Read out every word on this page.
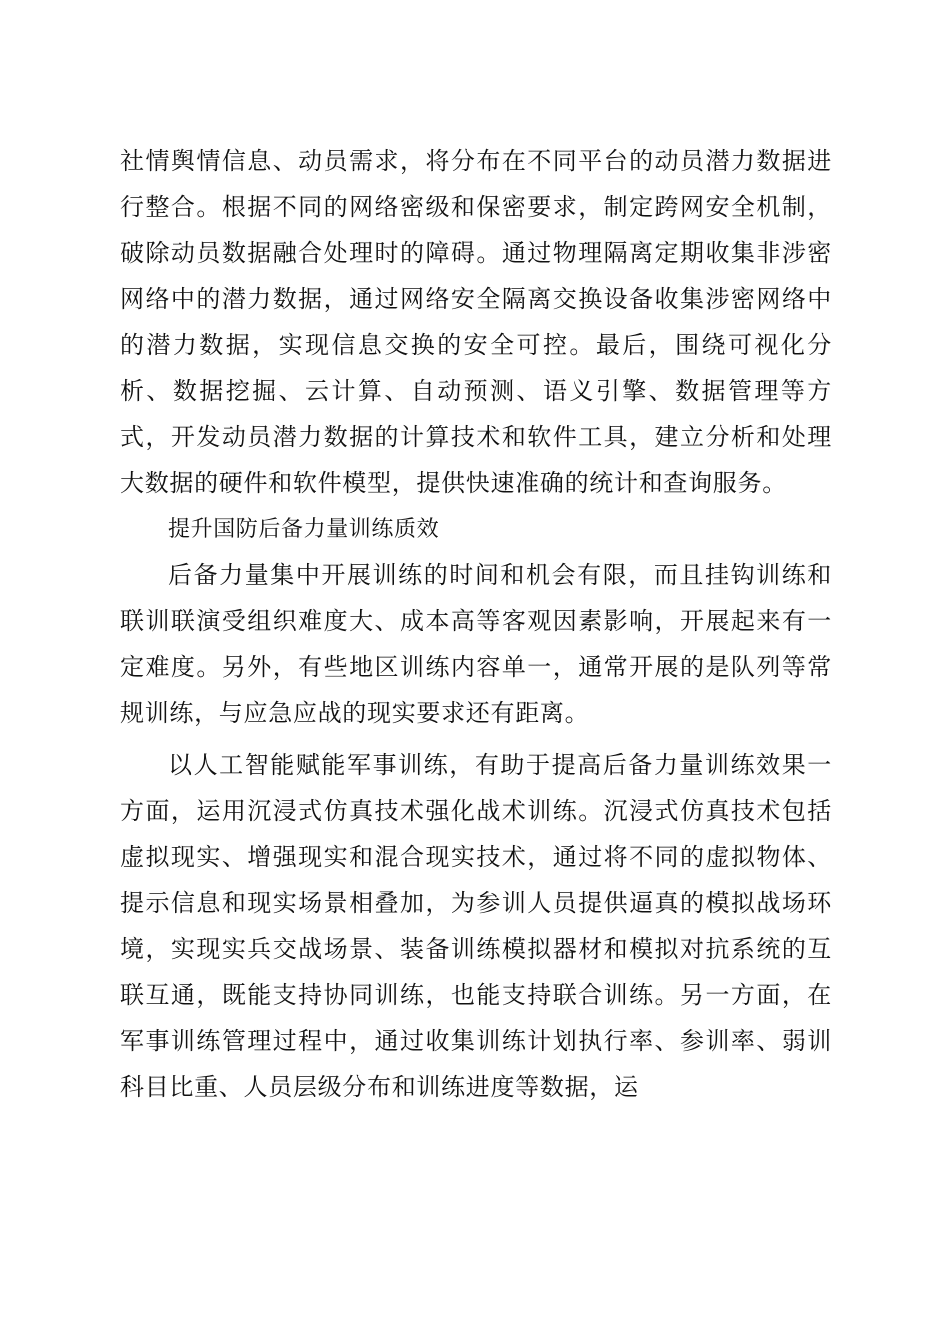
社情舆情信息、动员需求，将分布在不同平台的动员潜力数据进行整合。根据不同的网络密级和保密要求，制定跨网安全机制，破除动员数据融合处理时的障碍。通过物理隔离定期收集非涉密网络中的潜力数据，通过网络安全隔离交换设备收集涉密网络中的潜力数据，实现信息交换的安全可控。最后，围绕可视化分析、数据挖掘、云计算、自动预测、语义引擎、数据管理等方式，开发动员潜力数据的计算技术和软件工具，建立分析和处理大数据的硬件和软件模型，提供快速准确的统计和查询服务。

提升国防后备力量训练质效

后备力量集中开展训练的时间和机会有限，而且挂钩训练和联训联演受组织难度大、成本高等客观因素影响，开展起来有一定难度。另外，有些地区训练内容单一，通常开展的是队列等常规训练，与应急应战的现实要求还有距离。

以人工智能赋能军事训练，有助于提高后备力量训练效果一方面，运用沉浸式仿真技术强化战术训练。沉浸式仿真技术包括虚拟现实、增强现实和混合现实技术，通过将不同的虚拟物体、提示信息和现实场景相叠加，为参训人员提供逼真的模拟战场环境，实现实兵交战场景、装备训练模拟器材和模拟对抗系统的互联互通，既能支持协同训练，也能支持联合训练。另一方面，在军事训练管理过程中，通过收集训练计划执行率、参训率、弱训科目比重、人员层级分布和训练进度等数据，运
